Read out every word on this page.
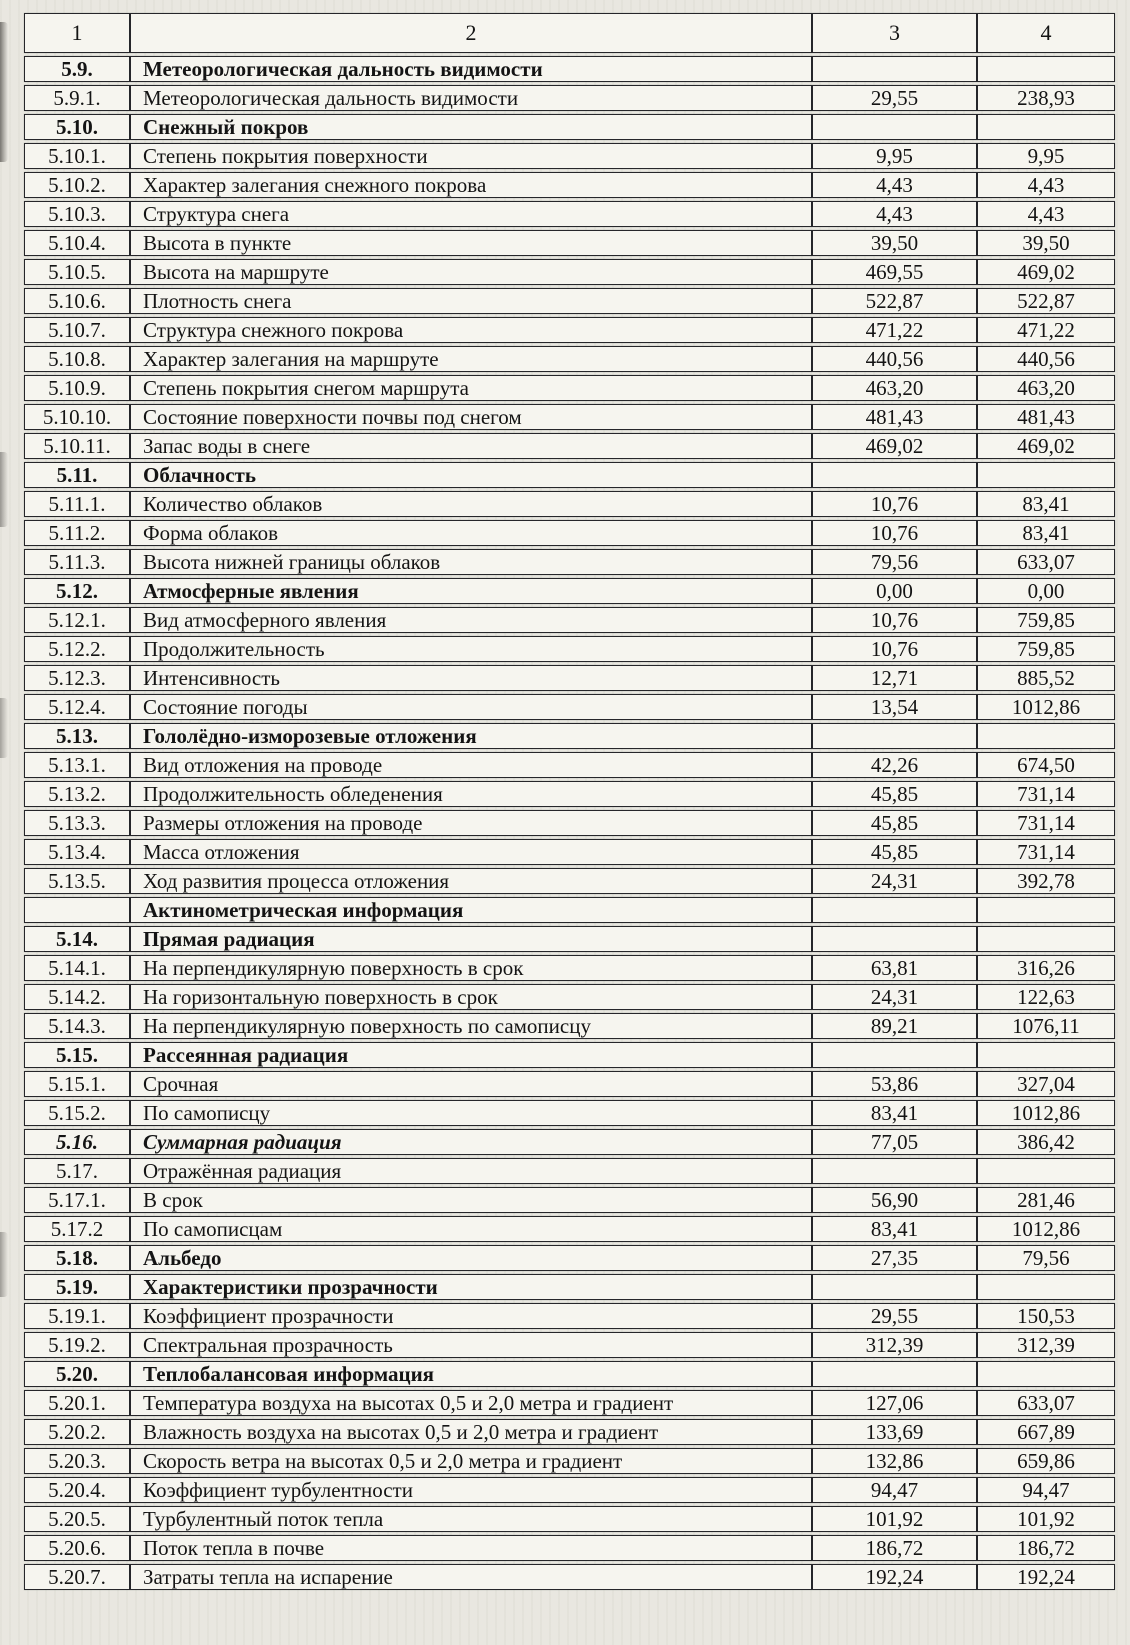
1	2	3	4
5.9.	Метеорологическая дальность видимости		
5.9.1.	Метеорологическая дальность видимости	29,55	238,93
5.10.	Снежный покров		
5.10.1.	Степень покрытия поверхности	9,95	9,95
5.10.2.	Характер залегания снежного покрова	4,43	4,43
5.10.3.	Структура снега	4,43	4,43
5.10.4.	Высота в пункте	39,50	39,50
5.10.5.	Высота на маршруте	469,55	469,02
5.10.6.	Плотность снега	522,87	522,87
5.10.7.	Структура снежного покрова	471,22	471,22
5.10.8.	Характер залегания на маршруте	440,56	440,56
5.10.9.	Степень покрытия снегом маршрута	463,20	463,20
5.10.10.	Состояние поверхности почвы под снегом	481,43	481,43
5.10.11.	Запас воды в снеге	469,02	469,02
5.11.	Облачность		
5.11.1.	Количество облаков	10,76	83,41
5.11.2.	Форма облаков	10,76	83,41
5.11.3.	Высота нижней границы облаков	79,56	633,07
5.12.	Атмосферные явления	0,00	0,00
5.12.1.	Вид атмосферного явления	10,76	759,85
5.12.2.	Продолжительность	10,76	759,85
5.12.3.	Интенсивность	12,71	885,52
5.12.4.	Состояние погоды	13,54	1012,86
5.13.	Гололёдно-изморозевые отложения		
5.13.1.	Вид отложения на проводе	42,26	674,50
5.13.2.	Продолжительность обледенения	45,85	731,14
5.13.3.	Размеры отложения на проводе	45,85	731,14
5.13.4.	Масса отложения	45,85	731,14
5.13.5.	Ход развития процесса отложения	24,31	392,78
	Актинометрическая информация		
5.14.	Прямая радиация		
5.14.1.	На перпендикулярную поверхность в срок	63,81	316,26
5.14.2.	На горизонтальную поверхность в срок	24,31	122,63
5.14.3.	На перпендикулярную поверхность по самописцу	89,21	1076,11
5.15.	Рассеянная радиация		
5.15.1.	Срочная	53,86	327,04
5.15.2.	По самописцу	83,41	1012,86
5.16.	Суммарная радиация	77,05	386,42
5.17.	Отражённая радиация		
5.17.1.	В срок	56,90	281,46
5.17.2	По самописцам	83,41	1012,86
5.18.	Альбедо	27,35	79,56
5.19.	Характеристики прозрачности		
5.19.1.	Коэффициент прозрачности	29,55	150,53
5.19.2.	Спектральная прозрачность	312,39	312,39
5.20.	Теплобалансовая информация		
5.20.1.	Температура воздуха на высотах 0,5 и 2,0 метра и градиент	127,06	633,07
5.20.2.	Влажность воздуха на высотах 0,5 и 2,0 метра и градиент	133,69	667,89
5.20.3.	Скорость ветра на высотах 0,5 и 2,0 метра и градиент	132,86	659,86
5.20.4.	Коэффициент турбулентности	94,47	94,47
5.20.5.	Турбулентный поток тепла	101,92	101,92
5.20.6.	Поток тепла в почве	186,72	186,72
5.20.7.	Затраты тепла на испарение	192,24	192,24
